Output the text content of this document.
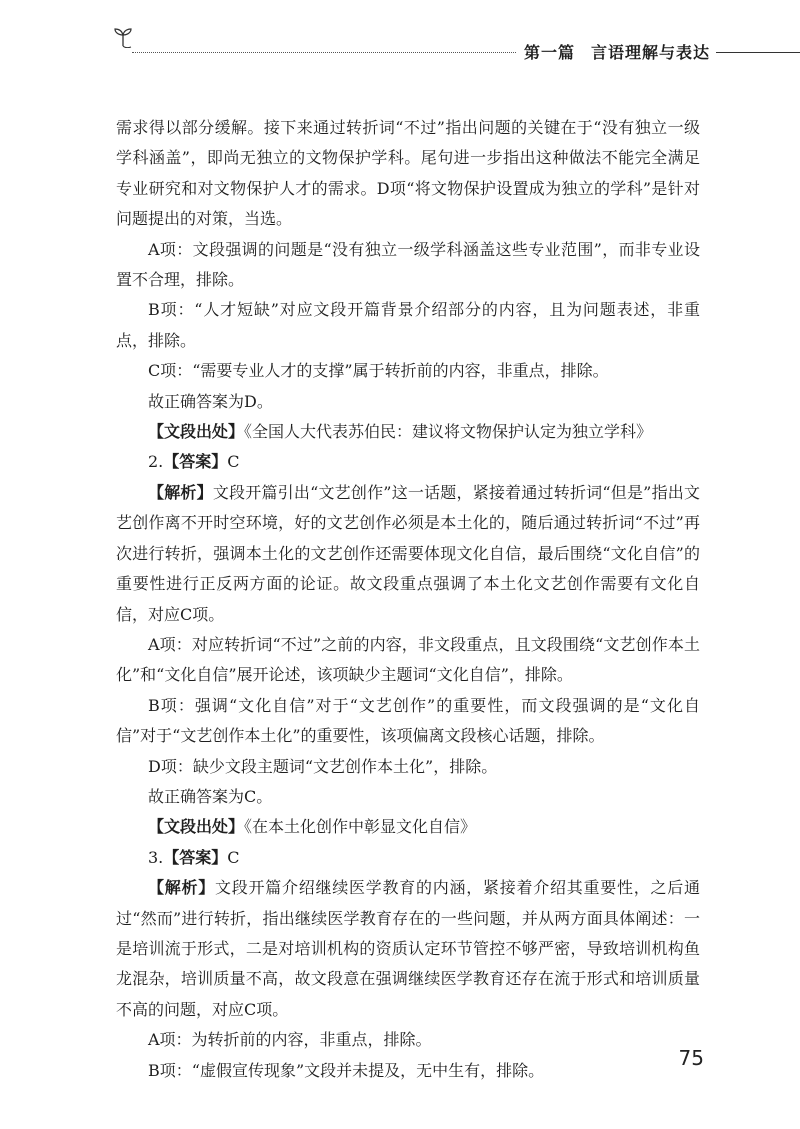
第一篇 言语理解与表达

需求得以部分缓解。接下来通过转折词“不过”指出问题的关键在于“没有独立一级学科涵盖”，即尚无独立的文物保护学科。尾句进一步指出这种做法不能完全满足专业研究和对文物保护人才的需求。D项“将文物保护设置成为独立的学科”是针对问题提出的对策，当选。

A项：文段强调的问题是“没有独立一级学科涵盖这些专业范围”，而非专业设置不合理，排除。

B项：“人才短缺”对应文段开篇背景介绍部分的内容，且为问题表述，非重点，排除。

C项：“需要专业人才的支撑”属于转折前的内容，非重点，排除。

故正确答案为D。

【文段出处】《全国人大代表苏伯民：建议将文物保护认定为独立学科》

2.【答案】C

【解析】文段开篇引出“文艺创作”这一话题，紧接着通过转折词“但是”指出文艺创作离不开时空环境，好的文艺创作必须是本土化的，随后通过转折词“不过”再次进行转折，强调本土化的文艺创作还需要体现文化自信，最后围绕“文化自信”的重要性进行正反两方面的论证。故文段重点强调了本土化文艺创作需要有文化自信，对应C项。

A项：对应转折词“不过”之前的内容，非文段重点，且文段围绕“文艺创作本土化”和“文化自信”展开论述，该项缺少主题词“文化自信”，排除。

B项：强调“文化自信”对于“文艺创作”的重要性，而文段强调的是“文化自信”对于“文艺创作本土化”的重要性，该项偏离文段核心话题，排除。

D项：缺少文段主题词“文艺创作本土化”，排除。

故正确答案为C。

【文段出处】《在本土化创作中彰显文化自信》

3.【答案】C

【解析】文段开篇介绍继续医学教育的内涵，紧接着介绍其重要性，之后通过“然而”进行转折，指出继续医学教育存在的一些问题，并从两方面具体阐述：一是培训流于形式，二是对培训机构的资质认定环节管控不够严密，导致培训机构鱼龙混杂，培训质量不高，故文段意在强调继续医学教育还存在流于形式和培训质量不高的问题，对应C项。

A项：为转折前的内容，非重点，排除。

B项：“虚假宣传现象”文段并未提及，无中生有，排除。

75
